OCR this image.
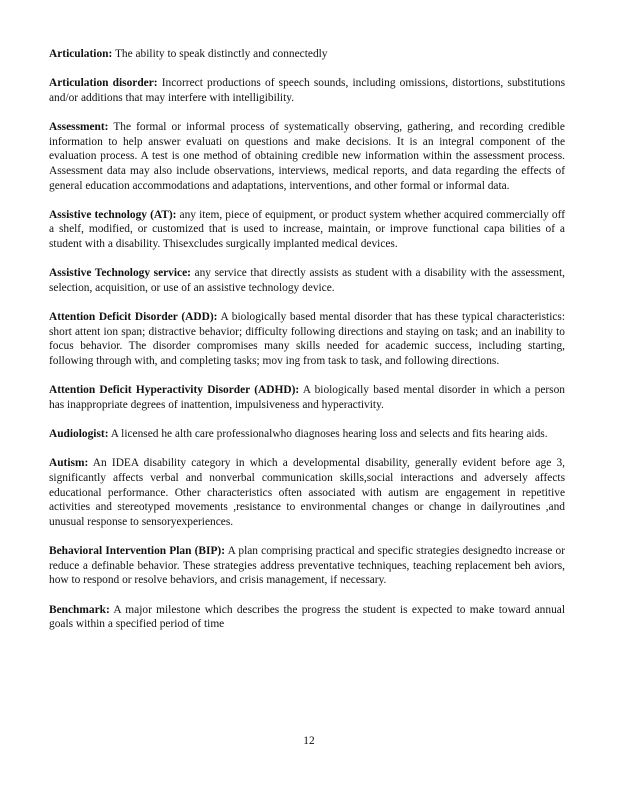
Articulation: The ability to speak distinctly and connectedly

Articulation disorder: Incorrect productions of speech sounds, including omissions, distortions, substitutions and/or additions that may interfere with intelligibility.

Assessment: The formal or informal process of systematically observing, gathering, and recording credible information to help answer evaluati on questions and make decisions. It is an integral component of the evaluation process. A test is one method of obtaining credible new information within the assessment process. Assessment data may also include observations, interviews, medical reports, and data regarding the effects of general education accommodations and adaptations, interventions, and other formal or informal data.

Assistive technology (AT): any item, piece of equipment, or product system whether acquired commercially off a shelf, modified, or customized that is used to increase, maintain, or improve functional capa bilities of a student with a disability. Thisexcludes surgically implanted medical devices.

Assistive Technology service: any service that directly assists as student with a disability with the assessment, selection, acquisition, or use of an assistive technology device.

Attention Deficit Disorder (ADD): A biologically based mental disorder that has these typical characteristics: short attent ion span; distractive behavior; difficulty following directions and staying on task; and an inability to focus behavior. The disorder compromises many skills needed for academic success, including starting, following through with, and completing tasks; mov ing from task to task, and following directions.

Attention Deficit Hyperactivity Disorder (ADHD): A biologically based mental disorder in which a person has inappropriate degrees of inattention, impulsiveness and hyperactivity.

Audiologist: A licensed he alth care professionalwho diagnoses hearing loss and selects and fits hearing aids.

Autism: An IDEA disability category in which a developmental disability, generally evident before age 3, significantly affects verbal and nonverbal communication skills,social interactions and adversely affects educational performance. Other characteristics often associated with autism are engagement in repetitive activities and stereotyped movements ,resistance to environmental changes or change in dailyroutines ,and unusual response to sensoryexperiences.

Behavioral Intervention Plan (BIP): A plan comprising practical and specific strategies designedto increase or reduce a definable behavior. These strategies address preventative techniques, teaching replacement beh aviors, how to respond or resolve behaviors, and crisis management, if necessary.

Benchmark: A major milestone which describes the progress the student is expected to make toward annual goals within a specified period of time

12
